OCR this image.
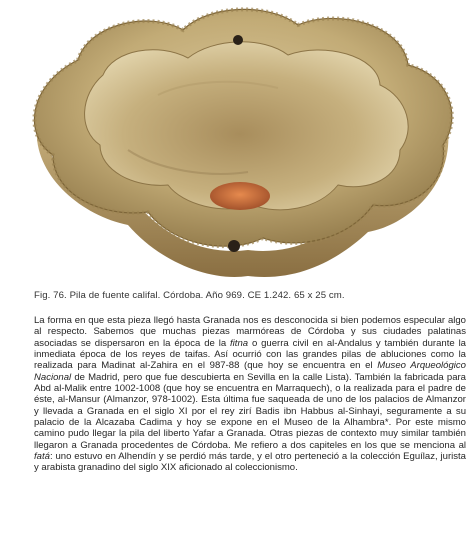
Fig. 76. Pila de fuente califal. Córdoba. Año 969. CE 1.242. 65 x 25 cm.

La forma en que esta pieza llegó hasta Granada nos es desconocida si bien podemos especular algo al respecto. Sabemos que muchas piezas marmóreas de Córdoba y sus ciudades palatinas asociadas se dispersaron en la época de la fitna o guerra civil en al-Andalus y también durante la inmediata época de los reyes de taifas. Así ocurrió con las grandes pilas de abluciones como la realizada para Madinat al-Zahira en el 987-88 (que hoy se encuentra en el Museo Arqueológico Nacional de Madrid, pero que fue descubierta en Sevilla en la calle Lista). También la fabricada para Abd al-Malik entre 1002-1008 (que hoy se encuentra en Marraquech), o la realizada para el padre de éste, al-Mansur (Almanzor, 978-1002). Esta última fue saqueada de uno de los palacios de Almanzor y llevada a Granada en el siglo XI por el rey zirí Badis ibn Habbus al-Sinhayi, seguramente a su palacio de la Alcazaba Cadima y hoy se expone en el Museo de la Alhambra*. Por este mismo camino pudo llegar la pila del liberto Yafar a Granada. Otras piezas de contexto muy similar también llegaron a Granada procedentes de Córdoba. Me refiero a dos capiteles en los que se menciona al fatá: uno estuvo en Alhendín y se perdió más tarde, y el otro perteneció a la colección Eguílaz, jurista y arabista granadino del siglo XIX aficionado al coleccionismo.
